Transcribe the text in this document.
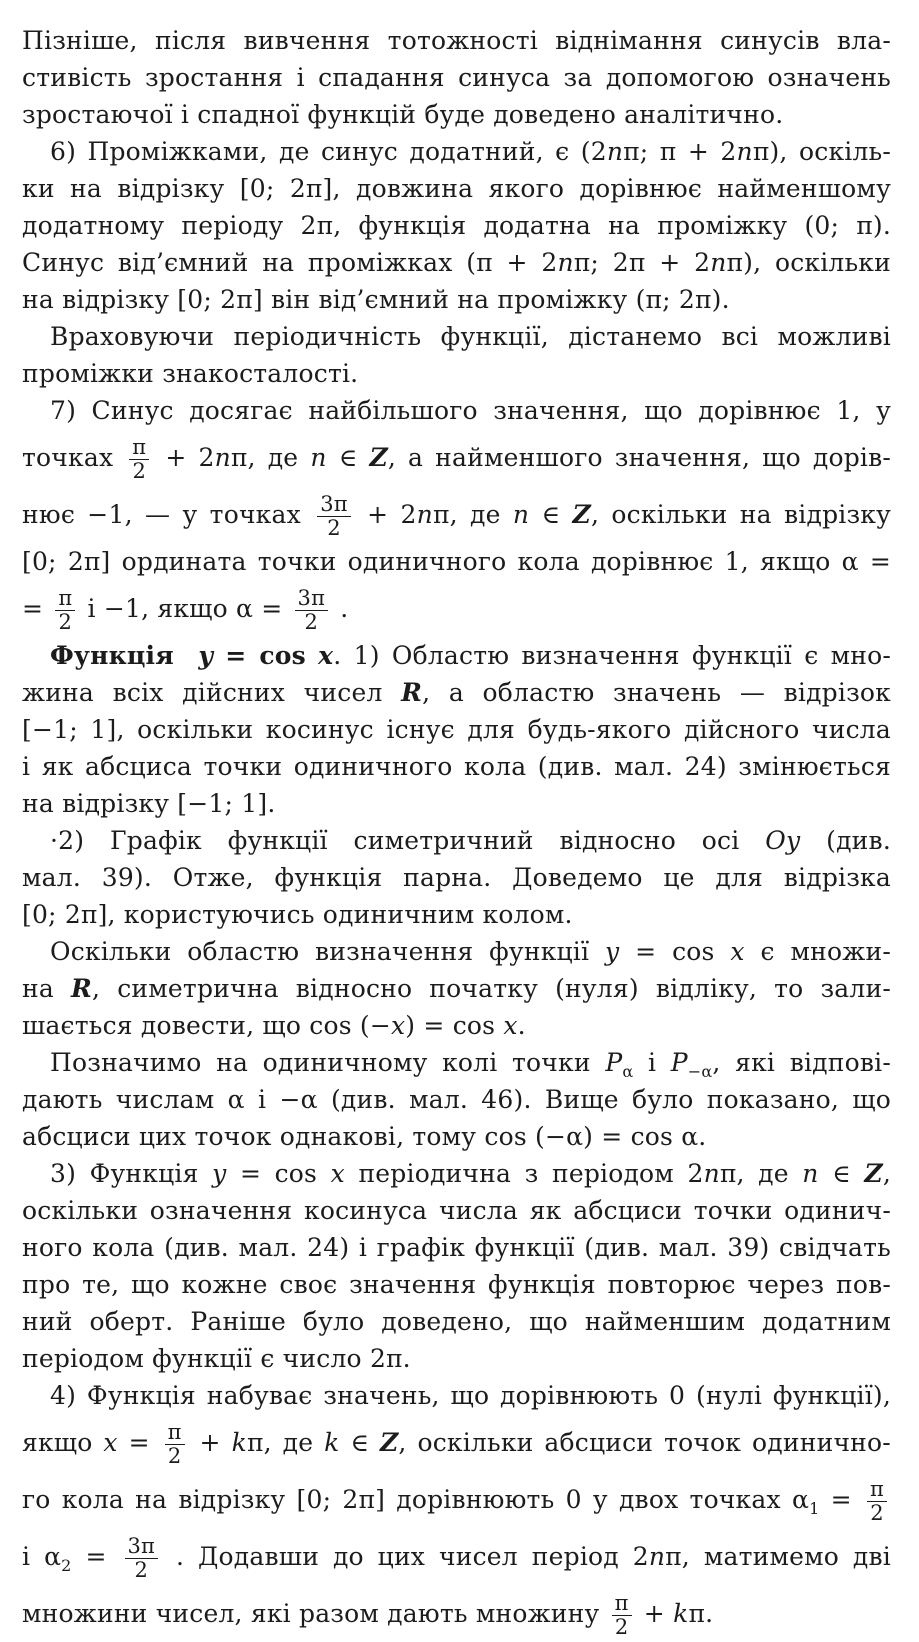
Пізніше, після вивчення тотожності віднімання синусів вла-
стивість зростання і спадання синуса за допомогою означень
зростаючої і спадної функцій буде доведено аналітично.
6) Проміжками, де синус додатний, є (2nπ; π + 2nπ), оскіль-
ки на відрізку [0; 2π], довжина якого дорівнює найменшому
додатному періоду 2π, функція додатна на проміжку (0; π).
Синус від’ємний на проміжках (π + 2nπ; 2π + 2nπ), оскільки
на відрізку [0; 2π] він від’ємний на проміжку (π; 2π).
Враховуючи періодичність функції, дістанемо всі можливі
проміжки знакосталості.
7) Синус досягає найбільшого значення, що дорівнює 1, у
точках $\frac{\pi}{2} + 2n\pi$, де n ∈ Z, а найменшого значення, що дорів-
нює −1, — у точках $\frac{3\pi}{2} + 2n\pi$, де n ∈ Z, оскільки на відрізку
[0; 2π] ордината точки одиничного кола дорівнює 1, якщо α =
= $\frac{\pi}{2}$ і −1, якщо $\alpha = \frac{3\pi}{2}$ .
Функція y = cos x. 1) Областю визначення функції є мно-
жина всіх дійсних чисел R, а областю значень — відрізок
[−1; 1], оскільки косинус існує для будь-якого дійсного числа
і як абсциса точки одиничного кола (див. мал. 24) змінюється
на відрізку [−1; 1].
·2) Графік функції симетричний відносно осі Oy (див.
мал. 39). Отже, функція парна. Доведемо це для відрізка
[0; 2π], користуючись одиничним колом.
Оскільки областю визначення функції y = cos x є множи-
на R, симетрична відносно початку (нуля) відліку, то зали-
шається довести, що cos (−x) = cos x.
Позначимо на одиничному колі точки $P_\alpha$ і $P_{-\alpha}$, які відпові-
дають числам α і −α (див. мал. 46). Вище було показано, що
абсциси цих точок однакові, тому cos (−α) = cos α.
3) Функція y = cos x періодична з періодом 2nπ, де n ∈ Z,
оскільки означення косинуса числа як абсциси точки одинич-
ного кола (див. мал. 24) і графік функції (див. мал. 39) свідчать
про те, що кожне своє значення функція повторює через пов-
ний оберт. Раніше було доведено, що найменшим додатним
періодом функції є число 2π.
4) Функція набуває значень, що дорівнюють 0 (нулі функції),
якщо $x = \frac{\pi}{2} + k\pi$, де k ∈ Z, оскільки абсциси точок одинично-
го кола на відрізку [0; 2π] дорівнюють 0 у двох точках $\alpha_1 = \frac{\pi}{2}$
і $\alpha_2 = \frac{3\pi}{2}$ . Додавши до цих чисел період 2nπ, матимемо дві
множини чисел, які разом дають множину $\frac{\pi}{2} + k\pi$.
